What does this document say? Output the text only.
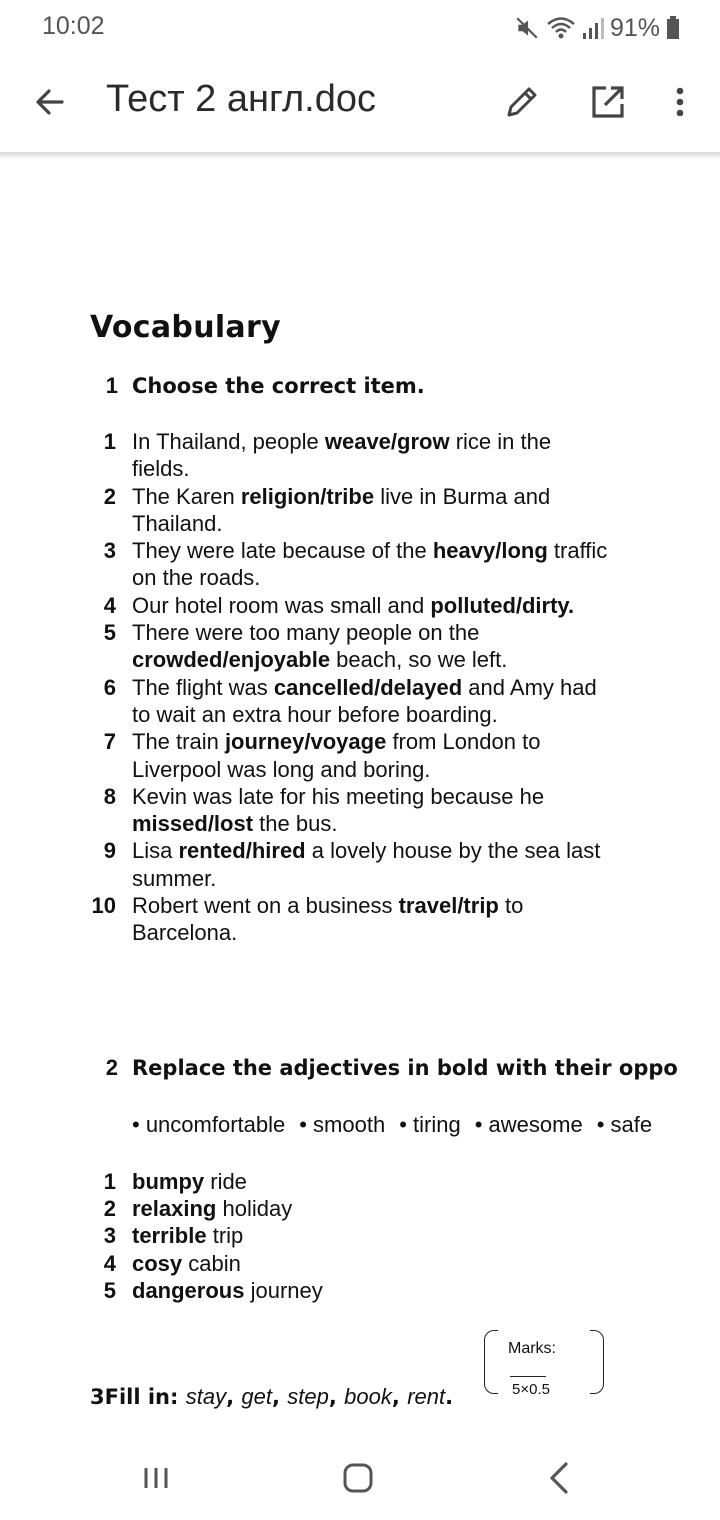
10:02	91%
Тест 2 англ.doc
Vocabulary
1 Choose the correct item.
1 In Thailand, people weave/grow rice in the fields.
2 The Karen religion/tribe live in Burma and Thailand.
3 They were late because of the heavy/long traffic on the roads.
4 Our hotel room was small and polluted/dirty.
5 There were too many people on the crowded/enjoyable beach, so we left.
6 The flight was cancelled/delayed and Amy had to wait an extra hour before boarding.
7 The train journey/voyage from London to Liverpool was long and boring.
8 Kevin was late for his meeting because he missed/lost the bus.
9 Lisa rented/hired a lovely house by the sea last summer.
10 Robert went on a business travel/trip to Barcelona.
2 Replace the adjectives in bold with their oppo
• uncomfortable • smooth • tiring • awesome • safe
1 bumpy ride
2 relaxing holiday
3 terrible trip
4 cosy cabin
5 dangerous journey
Marks:
5×0.5
3Fill in: stay, get, step, book, rent.
